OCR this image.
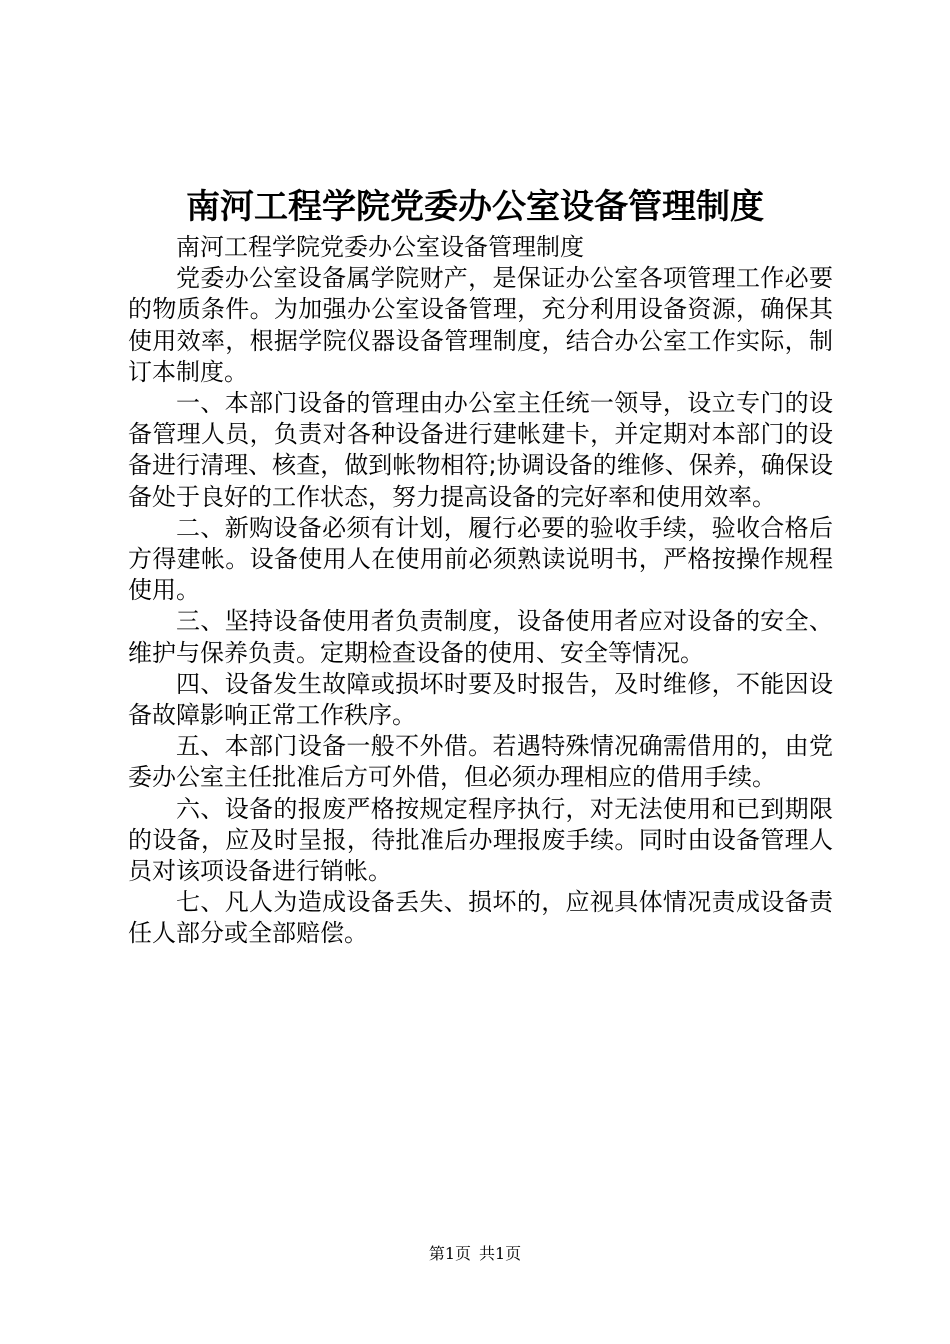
南河工程学院党委办公室设备管理制度

南河工程学院党委办公室设备管理制度

党委办公室设备属学院财产，是保证办公室各项管理工作必要的物质条件。为加强办公室设备管理，充分利用设备资源，确保其使用效率，根据学院仪器设备管理制度，结合办公室工作实际，制订本制度。

一、本部门设备的管理由办公室主任统一领导，设立专门的设备管理人员，负责对各种设备进行建帐建卡，并定期对本部门的设备进行清理、核查，做到帐物相符;协调设备的维修、保养，确保设备处于良好的工作状态，努力提高设备的完好率和使用效率。

二、新购设备必须有计划，履行必要的验收手续，验收合格后方得建帐。设备使用人在使用前必须熟读说明书，严格按操作规程使用。

三、坚持设备使用者负责制度，设备使用者应对设备的安全、维护与保养负责。定期检查设备的使用、安全等情况。

四、设备发生故障或损坏时要及时报告，及时维修，不能因设备故障影响正常工作秩序。

五、本部门设备一般不外借。若遇特殊情况确需借用的，由党委办公室主任批准后方可外借，但必须办理相应的借用手续。

六、设备的报废严格按规定程序执行，对无法使用和已到期限的设备，应及时呈报，待批准后办理报废手续。同时由设备管理人员对该项设备进行销帐。

七、凡人为造成设备丢失、损坏的，应视具体情况责成设备责任人部分或全部赔偿。

第1页 共1页
